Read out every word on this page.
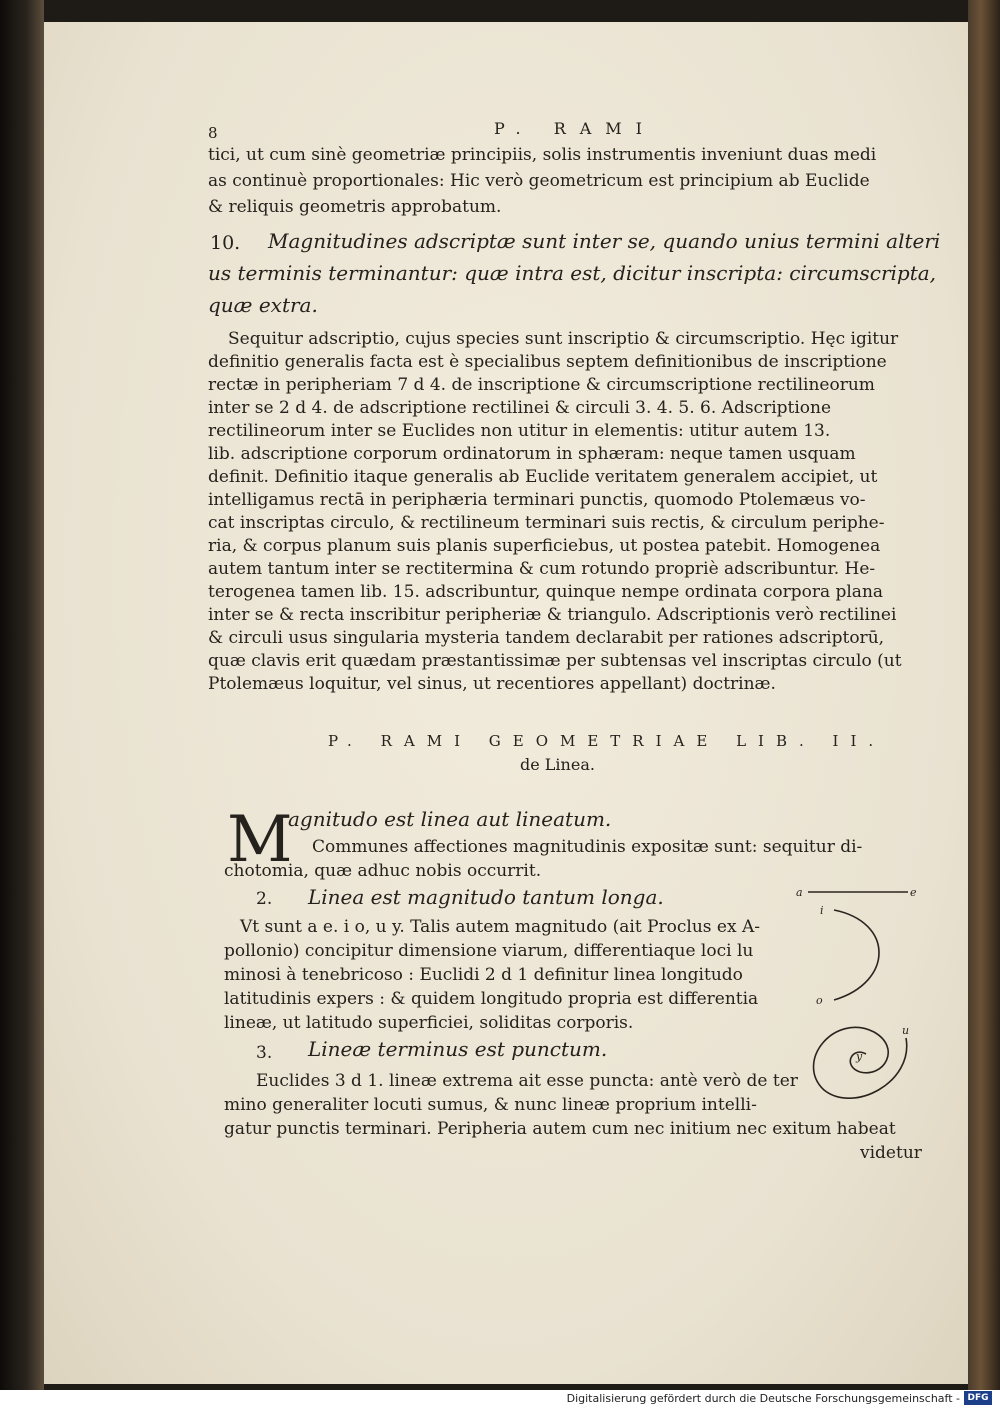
8	P. RAMI
tici, ut cum sinè geometriæ principiis, solis instrumentis inveniunt duas medi
as continuè proportionales: Hic verò geometricum est principium ab Euclide
& reliquis geometris approbatum.
10. Magnitudines adscriptæ sunt inter se, quando unius termini alteri
us terminis terminantur: quæ intra est, dicitur inscripta: circumscripta,
quæ extra.
Sequitur adscriptio, cujus species sunt inscriptio & circumscriptio. Hęc igitur
definitio generalis facta est è specialibus septem definitionibus de inscriptione
rectæ in peripheriam 7 d 4. de inscriptione & circumscriptione rectilineorum
inter se 2 d 4. de adscriptione rectilinei & circuli 3. 4. 5. 6. Adscriptione
rectilineorum inter se Euclides non utitur in elementis: utitur autem 13.
lib. adscriptione corporum ordinatorum in sphæram: neque tamen usquam
definit. Definitio itaque generalis ab Euclide veritatem generalem accipiet, ut
intelligamus rectā in periphæria terminari punctis, quomodo Ptolemæus vo-
cat inscriptas circulo, & rectilineum terminari suis rectis, & circulum periphe-
ria, & corpus planum suis planis superficiebus, ut postea patebit. Homogenea
autem tantum inter se rectitermina & cum rotundo propriè adscribuntur. He-
terogenea tamen lib. 15. adscribuntur, quinque nempe ordinata corpora plana
inter se & recta inscribitur peripheriæ & triangulo. Adscriptionis verò rectilinei
& circuli usus singularia mysteria tandem declarabit per rationes adscriptorū,
quæ clavis erit quædam præstantissimæ per subtensas vel inscriptas circulo (ut
Ptolemæus loquitur, vel sinus, ut recentiores appellant) doctrinæ.
P. RAMI GEOMETRIAE LIB. II.
de Linea.
M
agnitudo est linea aut lineatum.
Communes affectiones magnitudinis expositæ sunt: sequitur di-
chotomia, quæ adhuc nobis occurrit.
2. Linea est magnitudo tantum longa.
Vt sunt a e. i o, u y. Talis autem magnitudo (ait Proclus ex A-
pollonio) concipitur dimensione viarum, differentiaque loci lu
minosi à tenebricoso : Euclidi 2 d 1 definitur linea longitudo
latitudinis expers : & quidem longitudo propria est differentia
lineæ, ut latitudo superficiei, soliditas corporis.
3. Lineæ terminus est punctum.
Euclides 3 d 1. lineæ extrema ait esse puncta: antè verò de ter
mino generaliter locuti sumus, & nunc lineæ proprium intelli-
gatur punctis terminari. Peripheria autem cum nec initium nec exitum habeat
videtur
a	e
i
o
u
y
Digitalisierung gefördert durch die Deutsche Forschungsgemeinschaft - DFG
